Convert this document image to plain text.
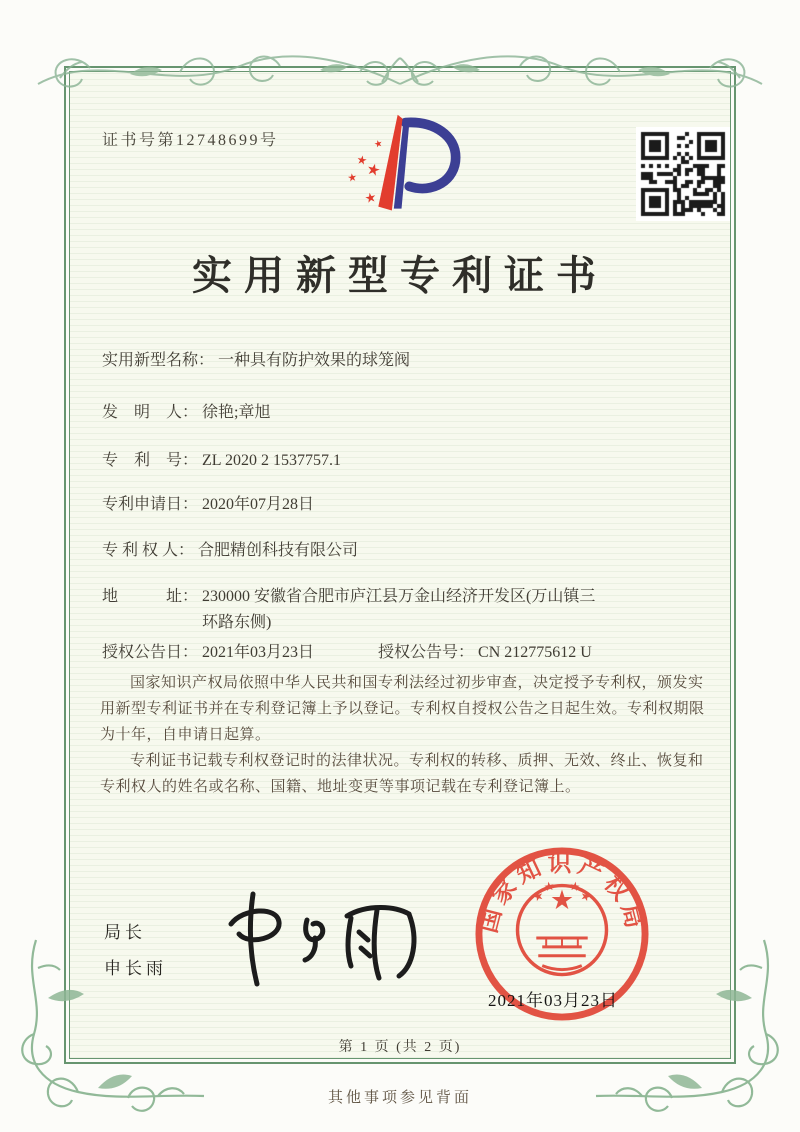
证书号第12748699号
实用新型专利证书
实用新型名称： 一种具有防护效果的球笼阀
发　明　人： 徐艳;章旭
专　利　号： ZL 2020 2 1537757.1
专利申请日： 2020年07月28日
专 利 权 人： 合肥精创科技有限公司
地　　　址： 230000 安徽省合肥市庐江县万金山经济开发区(万山镇三环路东侧)
授权公告日： 2021年03月23日	授权公告号： CN 212775612 U

国家知识产权局依照中华人民共和国专利法经过初步审查，决定授予专利权，颁发实用新型专利证书并在专利登记簿上予以登记。专利权自授权公告之日起生效。专利权期限为十年，自申请日起算。

专利证书记载专利权登记时的法律状况。专利权的转移、质押、无效、终止、恢复和专利权人的姓名或名称、国籍、地址变更等事项记载在专利登记簿上。

局长
申长雨
国家知识产权局
2021年03月23日
第 1 页 (共 2 页)
其他事项参见背面
